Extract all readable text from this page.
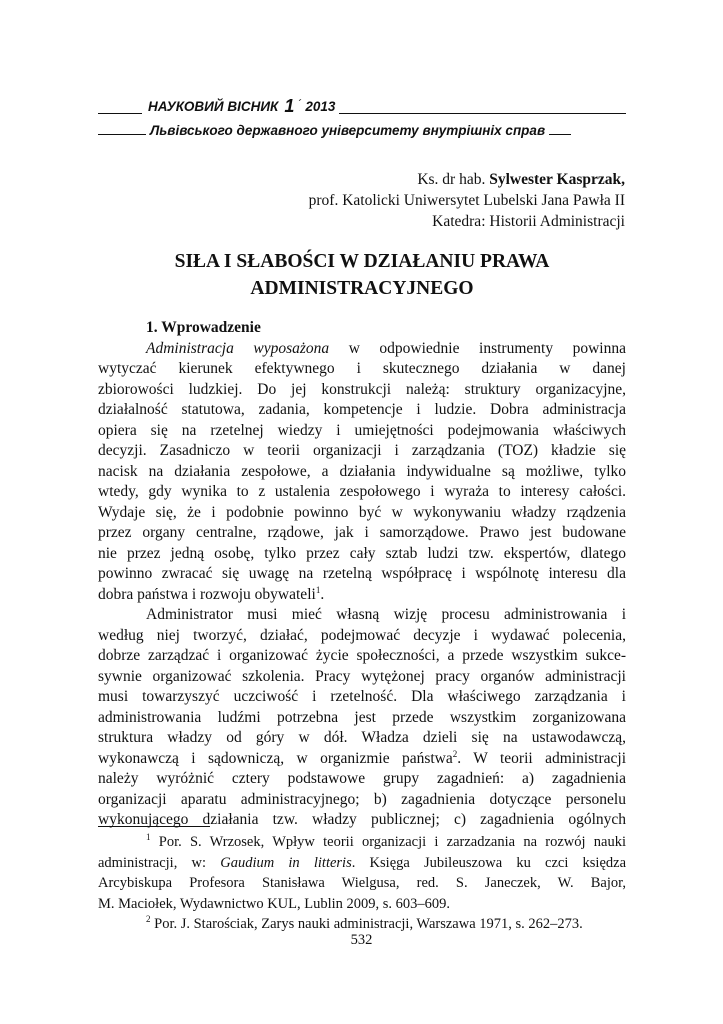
НАУКОВИЙ ВІСНИК 1 ´ 2013
Львівського державного університету внутрішніх справ
Ks. dr hab. Sylwester Kasprzak,
prof. Katolicki Uniwersytet Lubelski Jana Pawła II
Katedra: Historii Administracji
SIŁA I SŁABOŚCI W DZIAŁANIU PRAWA
ADMINISTRACYJNEGO
1. Wprowadzenie
Administracja wyposażona w odpowiednie instrumenty powinna
wytyczać kierunek efektywnego i skutecznego działania w danej
zbiorowości ludzkiej. Do jej konstrukcji należą: struktury organizacyjne,
działalność statutowa, zadania, kompetencje i ludzie. Dobra administracja
opiera się na rzetelnej wiedzy i umiejętności podejmowania właściwych
decyzji. Zasadniczo w teorii organizacji i zarządzania (TOZ) kładzie się
nacisk na działania zespołowe, a działania indywidualne są możliwe, tylko
wtedy, gdy wynika to z ustalenia zespołowego i wyraża to interesy całości.
Wydaje się, że i podobnie powinno być w wykonywaniu władzy rządzenia
przez organy centralne, rządowe, jak i samorządowe. Prawo jest budowane
nie przez jedną osobę, tylko przez cały sztab ludzi tzw. ekspertów, dlatego
powinno zwracać się uwagę na rzetelną współpracę i wspólnotę interesu dla
dobra państwa i rozwoju obywateli$^1$.
Administrator musi mieć własną wizję procesu administrowania i
według niej tworzyć, działać, podejmować decyzje i wydawać polecenia,
dobrze zarządzać i organizować życie społeczności, a przede wszystkim sukce-
sywnie organizować szkolenia. Pracy wytężonej pracy organów administracji
musi towarzyszyć uczciwość i rzetelność. Dla właściwego zarządzania i
administrowania ludźmi potrzebna jest przede wszystkim zorganizowana
struktura władzy od góry w dół. Władza dzieli się na ustawodawczą,
wykonawczą i sądowniczą, w organizmie państwa$^2$. W teorii administracji
należy wyróżnić cztery podstawowe grupy zagadnień: a) zagadnienia
organizacji aparatu administracyjnego; b) zagadnienia dotyczące personelu
wykonującego działania tzw. władzy publicznej; c) zagadnienia ogólnych
$^1$ Por. S. Wrzosek, Wpływ teorii organizacji i zarzadzania na rozwój nauki
administracji, w: Gaudium in litteris. Księga Jubileuszowa ku czci księdza
Arcybiskupa Profesora Stanisława Wielgusa, red. S. Janeczek, W. Bajor,
M. Maciołek, Wydawnictwo KUL, Lublin 2009, s. 603–609.
$^2$ Por. J. Starościak, Zarys nauki administracji, Warszawa 1971, s. 262–273.
532
